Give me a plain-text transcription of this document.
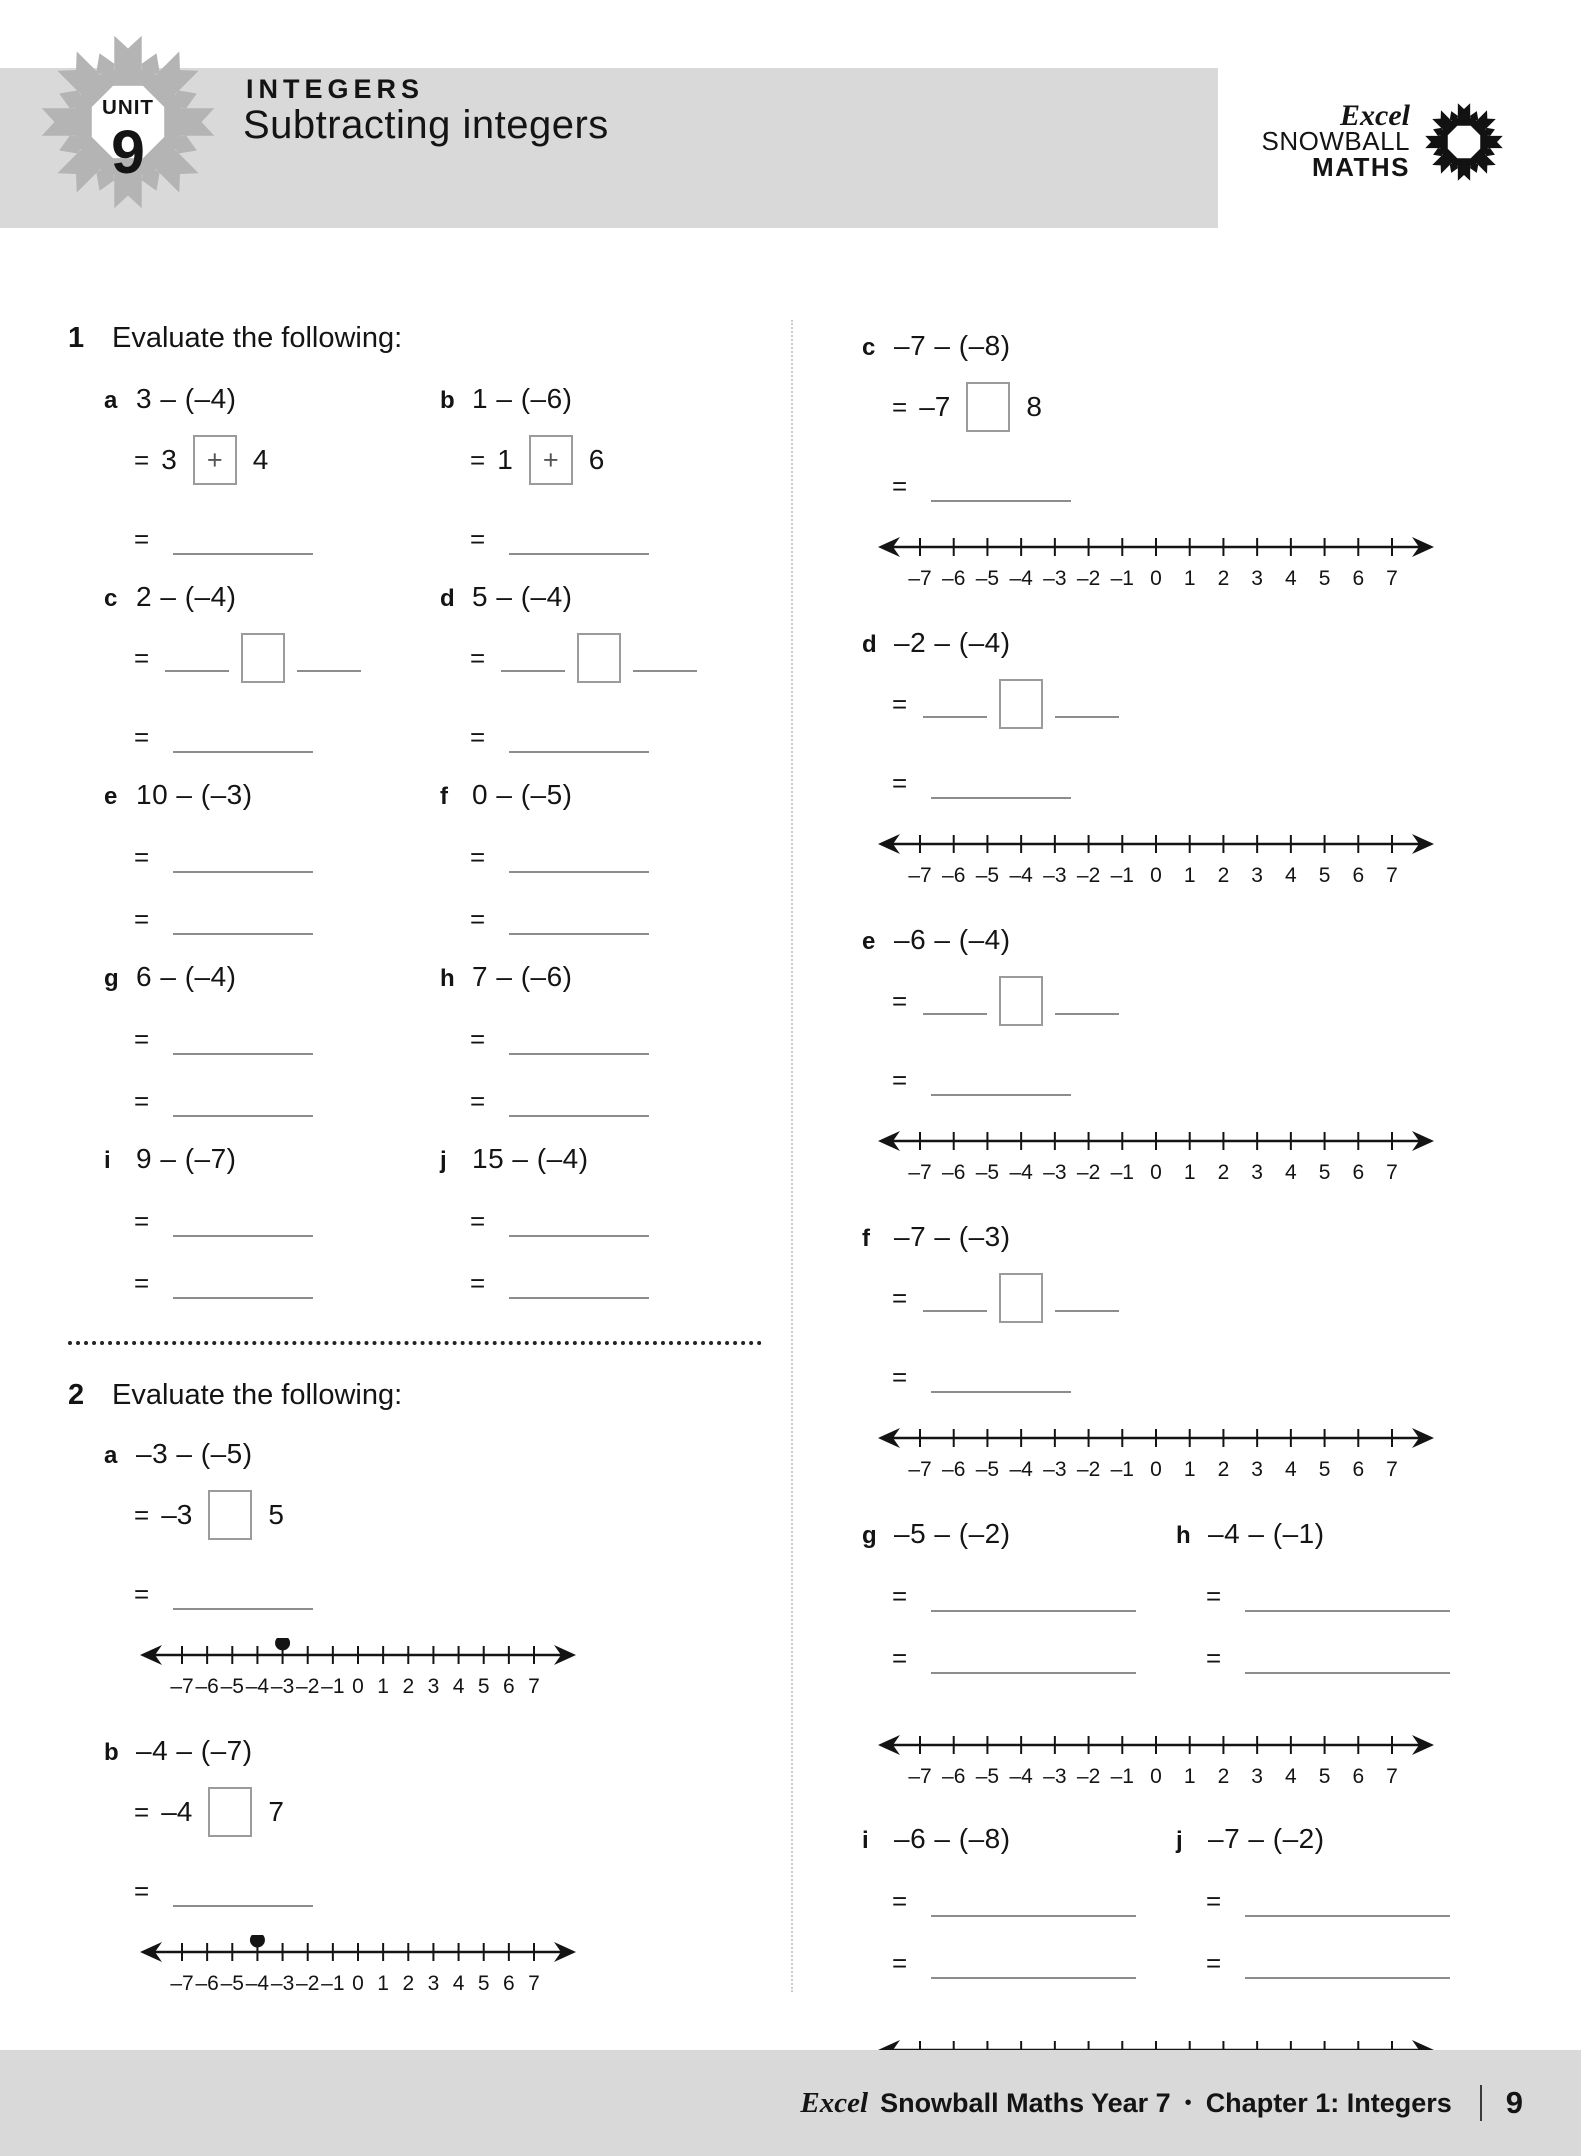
UNIT
9
INTEGERS
Subtracting integers	Excel
SNOWBALL
MATHS
1 Evaluate the following:
a 3 – (–4)
= 3	+	4
=
b 1 – (–6)
= 1	+	6
=
c 2 – (–4)
=
=
d 5 – (–4)
=
=
e 10 – (–3)
=
=
f 0 – (–5)
=
=
g 6 – (–4)
=
=
h 7 – (–6)
=
=
i 9 – (–7)
=
=
j 15 – (–4)
=
=
2 Evaluate the following:
a –3 – (–5)
= –3	5
=
–7 –6 –5 –4 –3 –2 –1 0 1 2 3 4 5 6 7
b –4 – (–7)
= –4	7
=
–7 –6 –5 –4 –3 –2 –1 0 1 2 3 4 5 6 7
c –7 – (–8)
= –7	8
=
–7 –6 –5 –4 –3 –2 –1 0 1 2 3 4 5 6 7
d –2 – (–4)
=
=
–7 –6 –5 –4 –3 –2 –1 0 1 2 3 4 5 6 7
e –6 – (–4)
=
=
–7 –6 –5 –4 –3 –2 –1 0 1 2 3 4 5 6 7
f –7 – (–3)
=
=
–7 –6 –5 –4 –3 –2 –1 0 1 2 3 4 5 6 7
g –5 – (–2)
=
=
h –4 – (–1)
=
=
–7 –6 –5 –4 –3 –2 –1 0 1 2 3 4 5 6 7
i –6 – (–8)
=
=
j –7 – (–2)
=
=
Excel Snowball Maths Year 7 • Chapter 1: Integers 9
